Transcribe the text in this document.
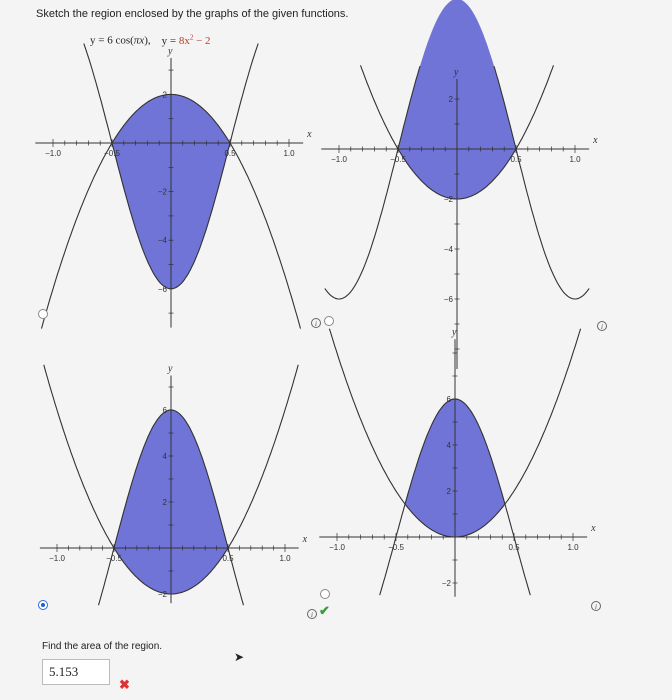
Sketch the region enclosed by the graphs of the given functions.
y = 6 cos(πx), $y = 8x^2 - 2$
−1.0	−0.5	0.5	1.0
2
−2
−4
−6
x
y
−1.0	−0.5	0.5	1.0
2
−2
−4
−6
x
y
−1.0	−0.5	0.5	1.0
6
4
2
−2
x
y
−1.0	−0.5	0.5	1.0
6
4
2
−2
x
y
i	i
i ✔	i
Find the area of the region.
5.153
✖
➤
